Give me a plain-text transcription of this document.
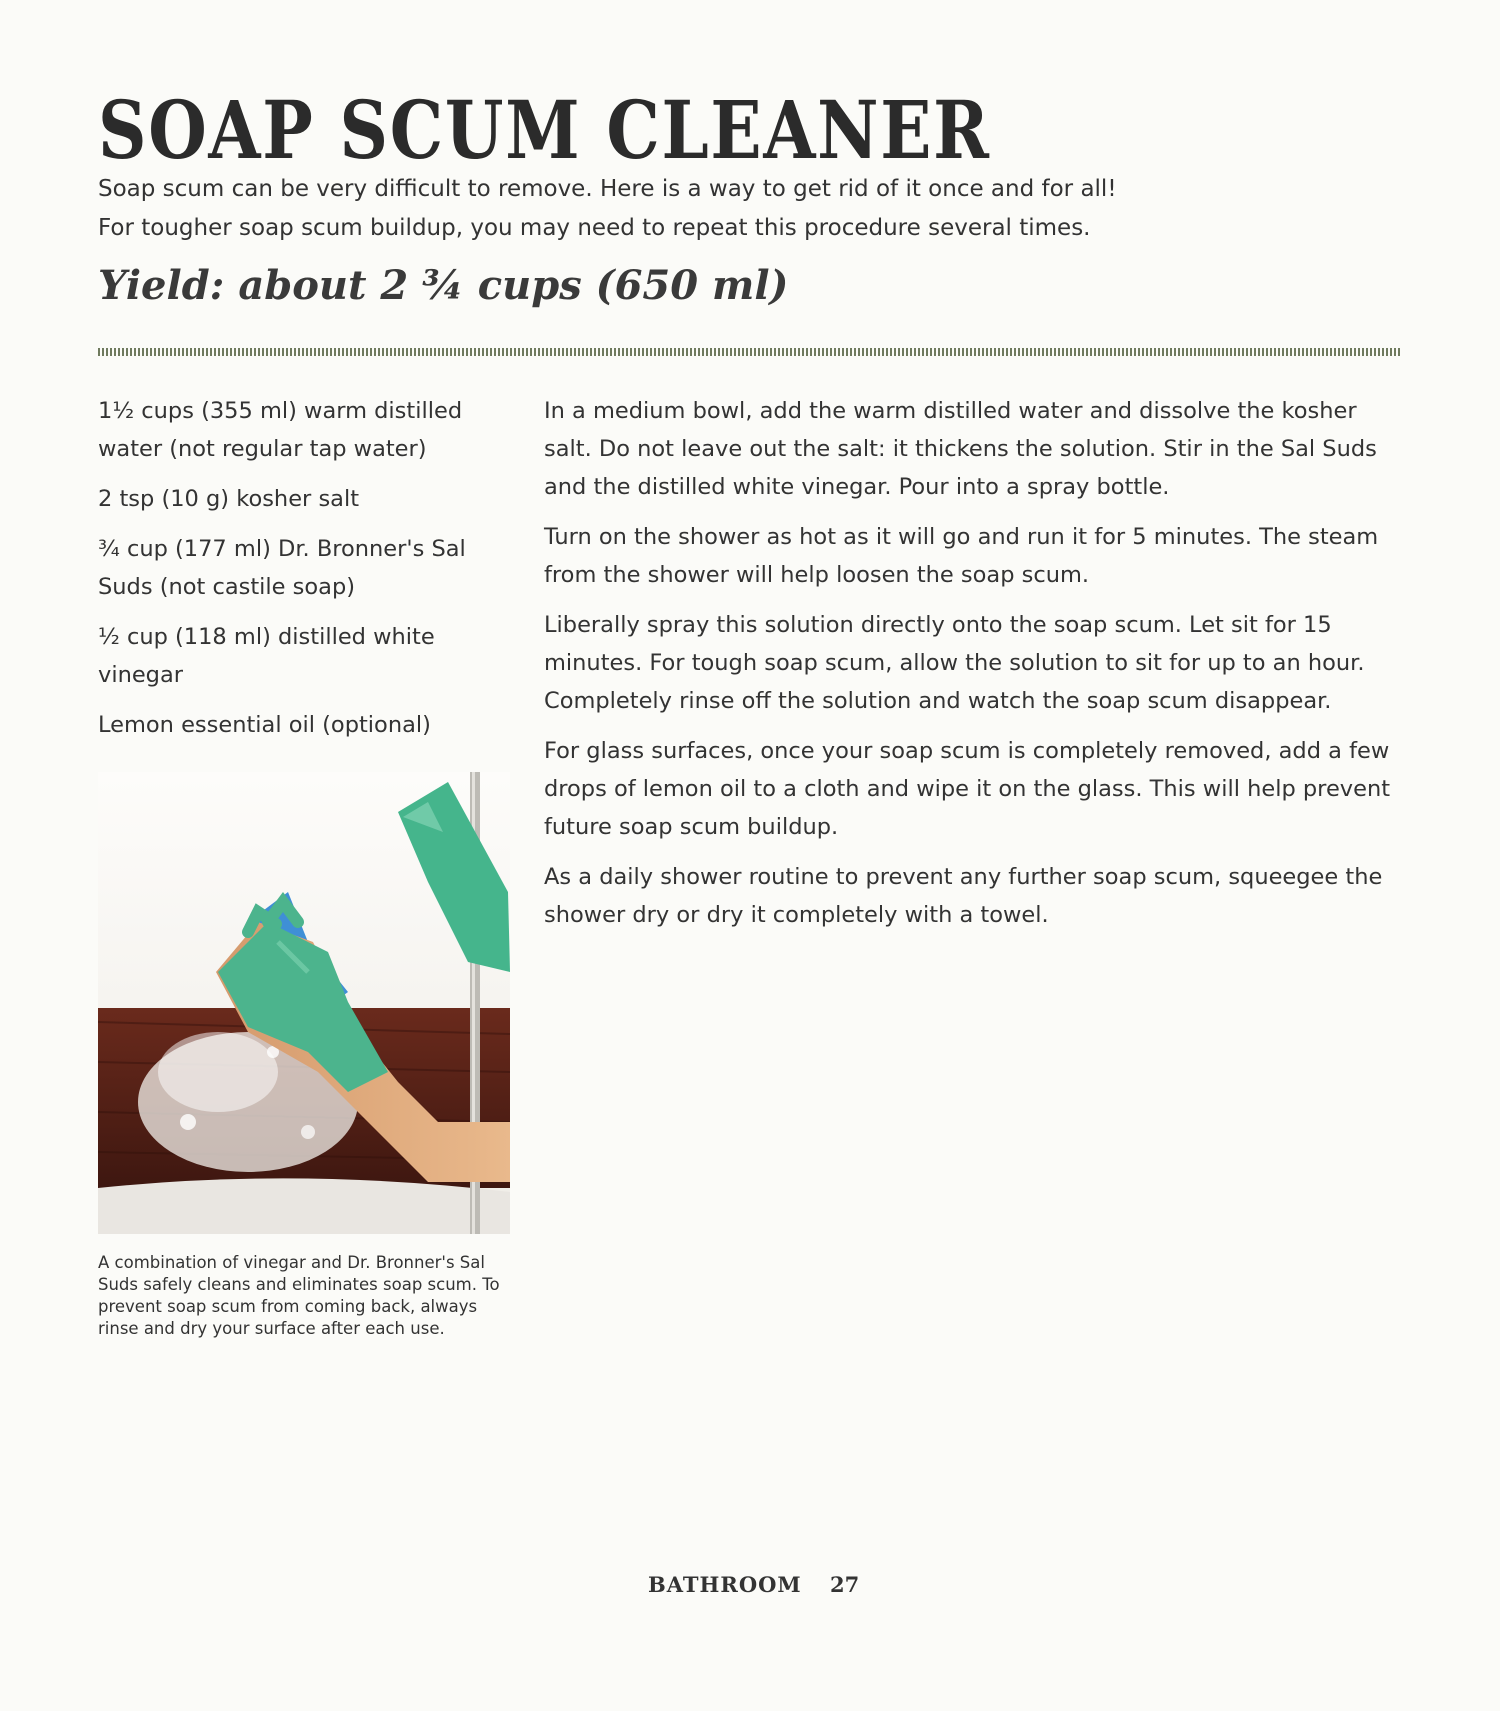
SOAP SCUM CLEANER

Soap scum can be very difficult to remove. Here is a way to get rid of it once and for all! For tougher soap scum buildup, you may need to repeat this procedure several times.

Yield: about 2 ¾ cups (650 ml)

1½ cups (355 ml) warm distilled water (not regular tap water)
2 tsp (10 g) kosher salt
¾ cup (177 ml) Dr. Bronner's Sal Suds (not castile soap)
½ cup (118 ml) distilled white vinegar
Lemon essential oil (optional)

A combination of vinegar and Dr. Bronner's Sal Suds safely cleans and eliminates soap scum. To prevent soap scum from coming back, always rinse and dry your surface after each use.

In a medium bowl, add the warm distilled water and dissolve the kosher salt. Do not leave out the salt: it thickens the solution. Stir in the Sal Suds and the distilled white vinegar. Pour into a spray bottle.

Turn on the shower as hot as it will go and run it for 5 minutes. The steam from the shower will help loosen the soap scum.

Liberally spray this solution directly onto the soap scum. Let sit for 15 minutes. For tough soap scum, allow the solution to sit for up to an hour. Completely rinse off the solution and watch the soap scum disappear.

For glass surfaces, once your soap scum is completely removed, add a few drops of lemon oil to a cloth and wipe it on the glass. This will help prevent future soap scum buildup.

As a daily shower routine to prevent any further soap scum, squeegee the shower dry or dry it completely with a towel.

BATHROOM 27
